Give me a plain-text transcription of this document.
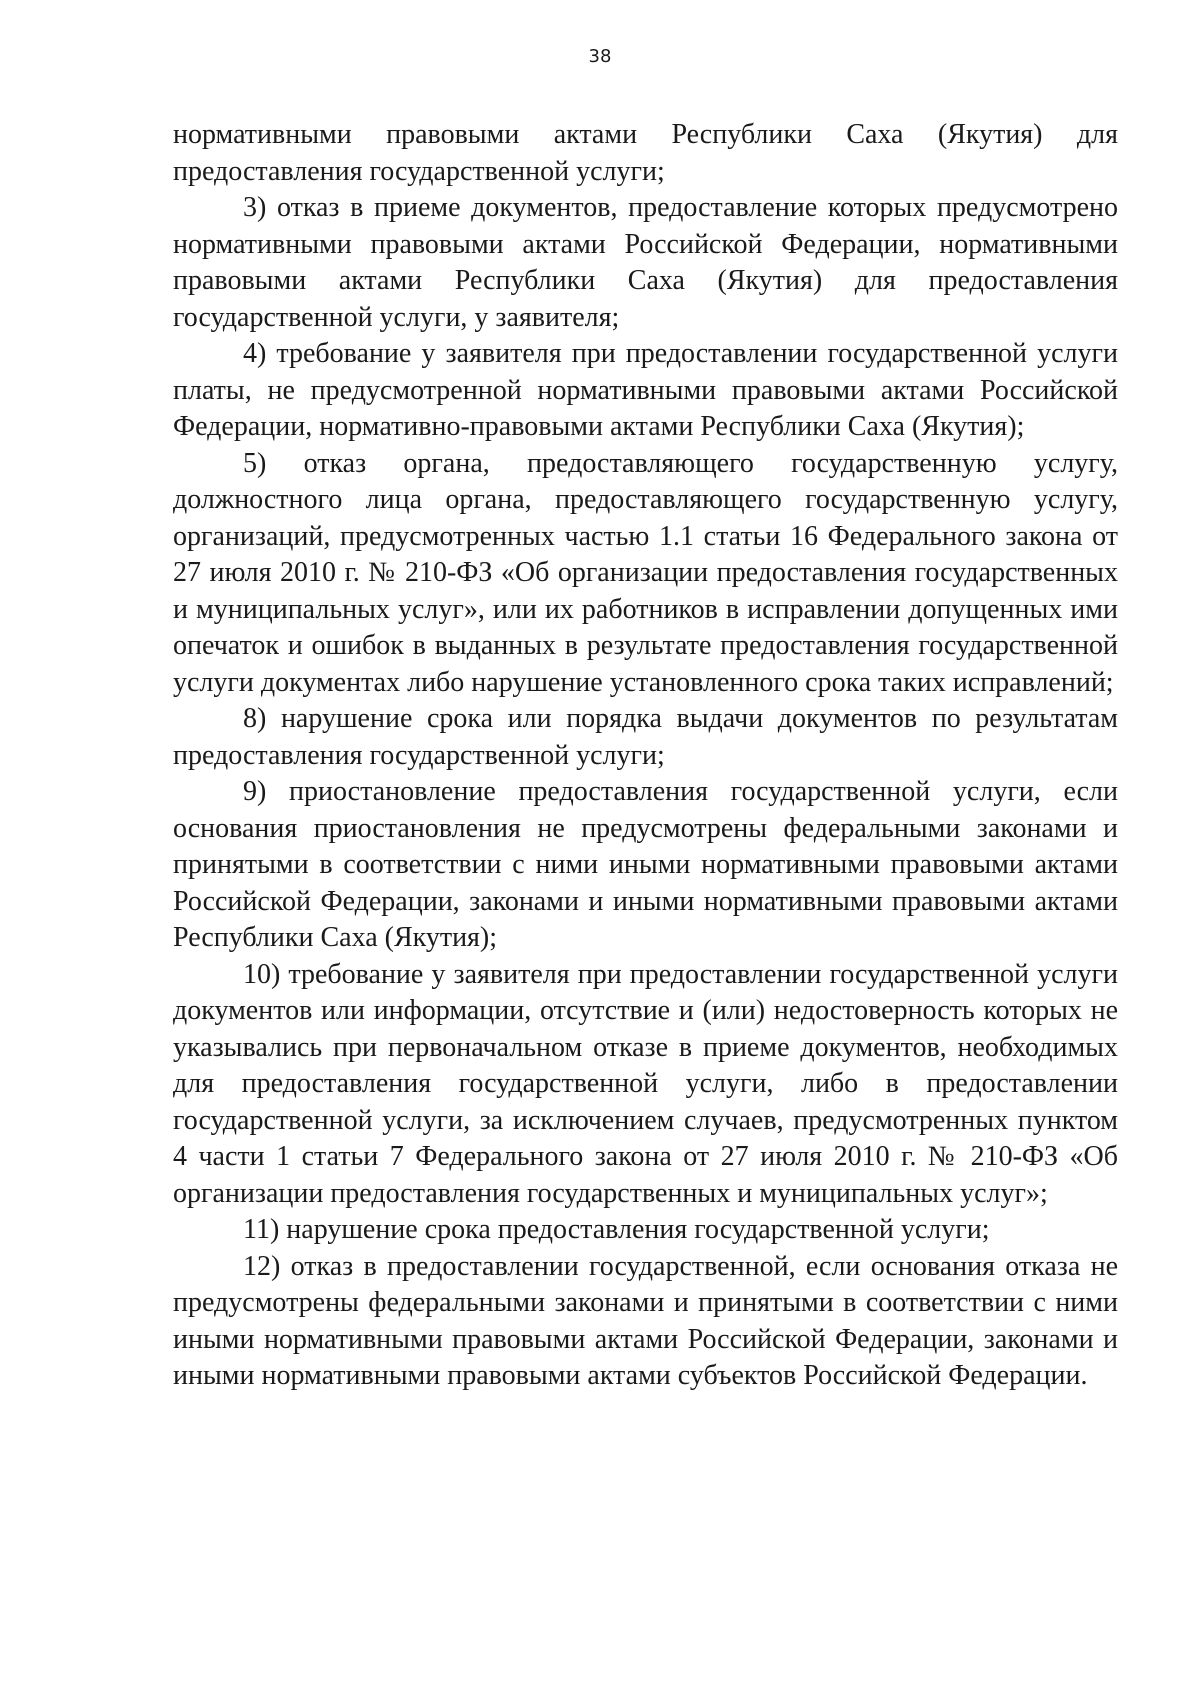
38

нормативными правовыми актами Республики Саха (Якутия) для предоставления государственной услуги;

3) отказ в приеме документов, предоставление которых предусмотрено нормативными правовыми актами Российской Федерации, нормативными правовыми актами Республики Саха (Якутия) для предоставления государственной услуги, у заявителя;

4) требование у заявителя при предоставлении государственной услуги платы, не предусмотренной нормативными правовыми актами Российской Федерации, нормативно-правовыми актами Республики Саха (Якутия);

5) отказ органа, предоставляющего государственную услугу, должностного лица органа, предоставляющего государственную услугу, организаций, предусмотренных частью 1.1 статьи 16 Федерального закона от 27 июля 2010 г. № 210-ФЗ «Об организации предоставления государственных и муниципальных услуг», или их работников в исправлении допущенных ими опечаток и ошибок в выданных в результате предоставления государственной услуги документах либо нарушение установленного срока таких исправлений;

8) нарушение срока или порядка выдачи документов по результатам предоставления государственной услуги;

9) приостановление предоставления государственной услуги, если основания приостановления не предусмотрены федеральными законами и принятыми в соответствии с ними иными нормативными правовыми актами Российской Федерации, законами и иными нормативными правовыми актами Республики Саха (Якутия);

10) требование у заявителя при предоставлении государственной услуги документов или информации, отсутствие и (или) недостоверность которых не указывались при первоначальном отказе в приеме документов, необходимых для предоставления государственной услуги, либо в предоставлении государственной услуги, за исключением случаев, предусмотренных пунктом 4 части 1 статьи 7 Федерального закона от 27 июля 2010 г. № 210-ФЗ «Об организации предоставления государственных и муниципальных услуг»;

11) нарушение срока предоставления государственной услуги;

12) отказ в предоставлении государственной, если основания отказа не предусмотрены федеральными законами и принятыми в соответствии с ними иными нормативными правовыми актами Российской Федерации, законами и иными нормативными правовыми актами субъектов Российской Федерации.
